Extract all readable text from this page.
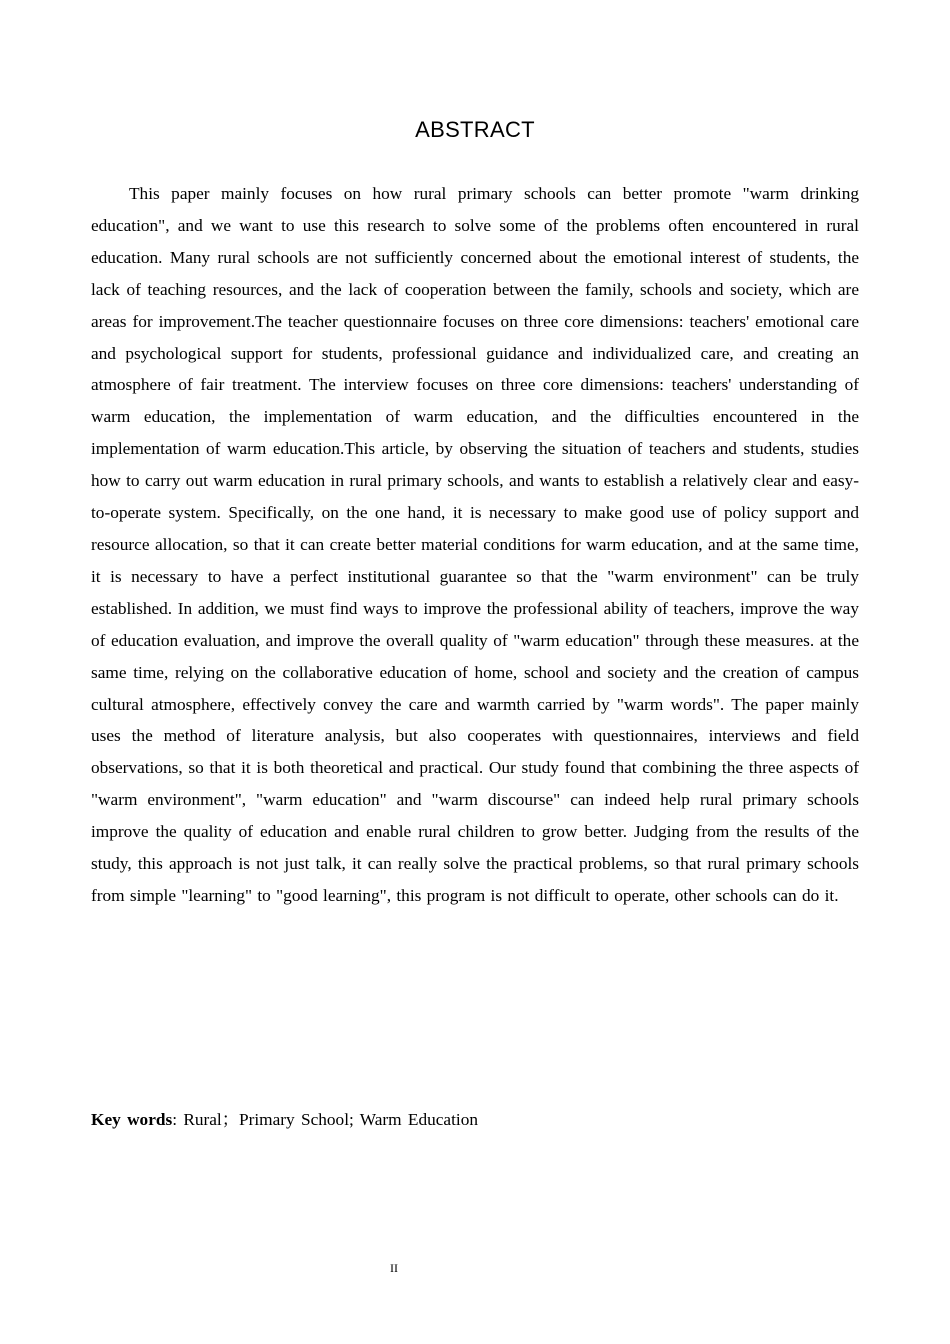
ABSTRACT

This paper mainly focuses on how rural primary schools can better promote "warm drinking education", and we want to use this research to solve some of the problems often encountered in rural education. Many rural schools are not sufficiently concerned about the emotional interest of students, the lack of teaching resources, and the lack of cooperation between the family, schools and society, which are areas for improvement.The teacher questionnaire focuses on three core dimensions: teachers' emotional care and psychological support for students, professional guidance and individualized care, and creating an atmosphere of fair treatment. The interview focuses on three core dimensions: teachers' understanding of warm education, the implementation of warm education, and the difficulties encountered in the implementation of warm education.This article, by observing the situation of teachers and students, studies how to carry out warm education in rural primary schools, and wants to establish a relatively clear and easy-to-operate system. Specifically, on the one hand, it is necessary to make good use of policy support and resource allocation, so that it can create better material conditions for warm education, and at the same time, it is necessary to have a perfect institutional guarantee so that the "warm environment" can be truly established. In addition, we must find ways to improve the professional ability of teachers, improve the way of education evaluation, and improve the overall quality of "warm education" through these measures. at the same time, relying on the collaborative education of home, school and society and the creation of campus cultural atmosphere, effectively convey the care and warmth carried by "warm words". The paper mainly uses the method of literature analysis, but also cooperates with questionnaires, interviews and field observations, so that it is both theoretical and practical. Our study found that combining the three aspects of "warm environment", "warm education" and "warm discourse" can indeed help rural primary schools improve the quality of education and enable rural children to grow better. Judging from the results of the study, this approach is not just talk, it can really solve the practical problems, so that rural primary schools from simple "learning" to "good learning", this program is not difficult to operate, other schools can do it.

Key words: Rural；Primary School; Warm Education

II
